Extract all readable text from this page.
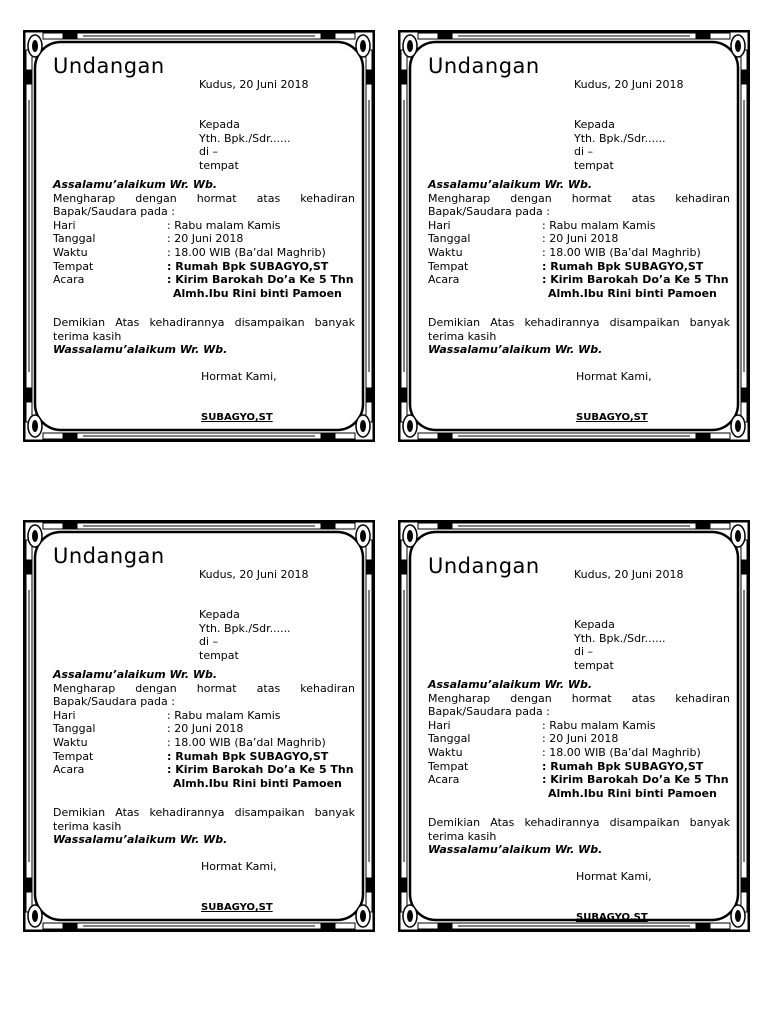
Undangan
Kudus, 20 Juni 2018
Kepada
Yth. Bpk./Sdr......
di –
tempat
Assalamu’alaikum Wr. Wb.
Mengharap dengan hormat atas kehadiran
Bapak/Saudara pada :
Hari	: Rabu malam Kamis
Tanggal	: 20 Juni 2018
Waktu	: 18.00 WIB (Ba’dal Maghrib)
Tempat	: Rumah Bpk SUBAGYO,ST
Acara	: Kirim Barokah Do’a Ke 5 Thn
Almh.Ibu Rini binti Pamoen
Demikian Atas kehadirannya disampaikan banyak
terima kasih
Wassalamu’alaikum Wr. Wb.
Hormat Kami,
SUBAGYO,ST
Undangan
Kudus, 20 Juni 2018
Kepada
Yth. Bpk./Sdr......
di –
tempat
Assalamu’alaikum Wr. Wb.
Mengharap dengan hormat atas kehadiran
Bapak/Saudara pada :
Hari	: Rabu malam Kamis
Tanggal	: 20 Juni 2018
Waktu	: 18.00 WIB (Ba’dal Maghrib)
Tempat	: Rumah Bpk SUBAGYO,ST
Acara	: Kirim Barokah Do’a Ke 5 Thn
Almh.Ibu Rini binti Pamoen
Demikian Atas kehadirannya disampaikan banyak
terima kasih
Wassalamu’alaikum Wr. Wb.
Hormat Kami,
SUBAGYO,ST
Undangan
Kudus, 20 Juni 2018
Kepada
Yth. Bpk./Sdr......
di –
tempat
Assalamu’alaikum Wr. Wb.
Mengharap dengan hormat atas kehadiran
Bapak/Saudara pada :
Hari	: Rabu malam Kamis
Tanggal	: 20 Juni 2018
Waktu	: 18.00 WIB (Ba’dal Maghrib)
Tempat	: Rumah Bpk SUBAGYO,ST
Acara	: Kirim Barokah Do’a Ke 5 Thn
Almh.Ibu Rini binti Pamoen
Demikian Atas kehadirannya disampaikan banyak
terima kasih
Wassalamu’alaikum Wr. Wb.
Hormat Kami,
SUBAGYO,ST
Undangan	Kudus, 20 Juni 2018
Kepada
Yth. Bpk./Sdr......
di –
tempat
Assalamu’alaikum Wr. Wb.
Mengharap dengan hormat atas kehadiran
Bapak/Saudara pada :
Hari	: Rabu malam Kamis
Tanggal	: 20 Juni 2018
Waktu	: 18.00 WIB (Ba’dal Maghrib)
Tempat	: Rumah Bpk SUBAGYO,ST
Acara	: Kirim Barokah Do’a Ke 5 Thn
Almh.Ibu Rini binti Pamoen
Demikian Atas kehadirannya disampaikan banyak
terima kasih
Wassalamu’alaikum Wr. Wb.
Hormat Kami,
SUBAGYO,ST
